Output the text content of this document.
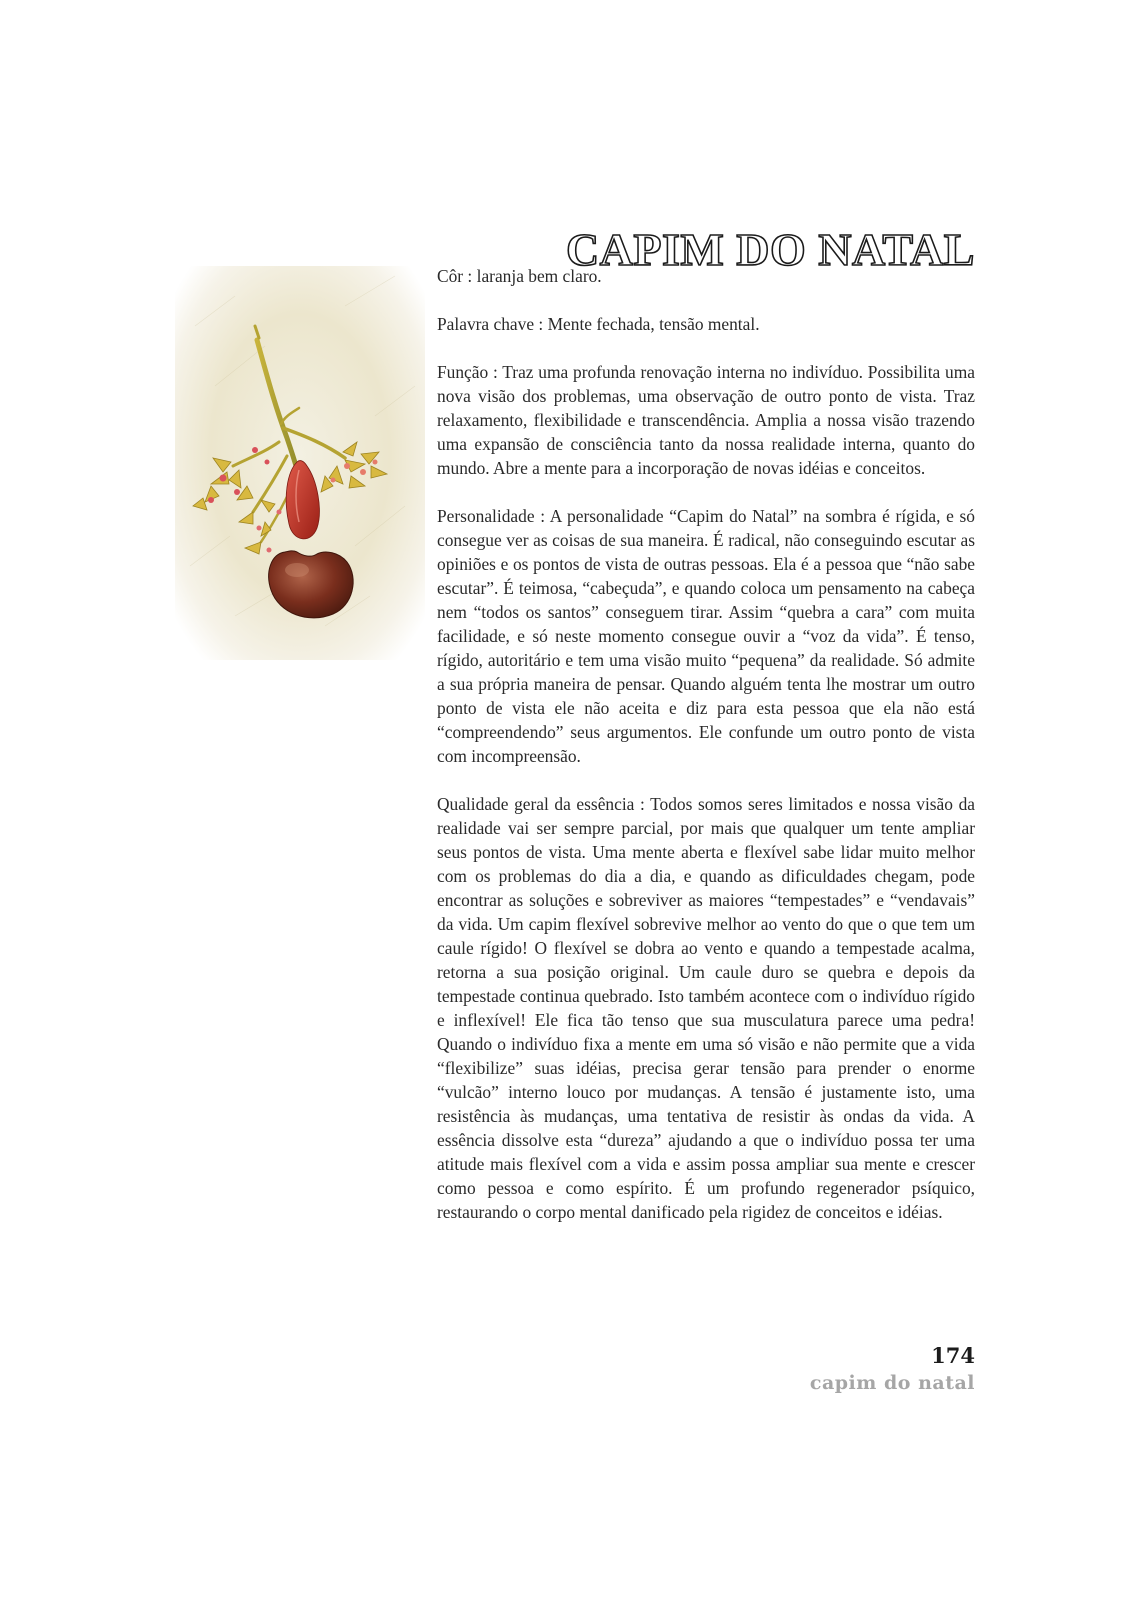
CAPIM DO NATAL

Côr : laranja bem claro.

Palavra chave : Mente fechada, tensão mental.

Função : Traz uma profunda renovação interna no indivíduo. Possibilita uma nova visão dos problemas, uma observação de outro ponto de vista. Traz relaxamento, flexibilidade e transcendência. Amplia a nossa visão trazendo uma expansão de consciência tanto da nossa realidade interna, quanto do mundo. Abre a mente para a incorporação de novas idéias e conceitos.

Personalidade : A personalidade “Capim do Natal” na sombra é rígida, e só consegue ver as coisas de sua maneira. É radical, não conseguindo escutar as opiniões e os pontos de vista de outras pessoas. Ela é a pessoa que “não sabe escutar”. É teimosa, “cabeçuda”, e quando coloca um pensamento na cabeça nem “todos os santos” conseguem tirar. Assim “quebra a cara” com muita facilidade, e só neste momento consegue ouvir a “voz da vida”. É tenso, rígido, autoritário e tem uma visão muito “pequena” da realidade. Só admite a sua própria maneira de pensar. Quando alguém tenta lhe mostrar um outro ponto de vista ele não aceita e diz para esta pessoa que ela não está “compreendendo” seus argumentos. Ele confunde um outro ponto de vista com incompreensão.

Qualidade geral da essência : Todos somos seres limitados e nossa visão da realidade vai ser sempre parcial, por mais que qualquer um tente ampliar seus pontos de vista. Uma mente aberta e flexível sabe lidar muito melhor com os problemas do dia a dia, e quando as dificuldades chegam, pode encontrar as soluções e sobreviver as maiores “tempestades” e “vendavais” da vida. Um capim flexível sobrevive melhor ao vento do que o que tem um caule rígido! O flexível se dobra ao vento e quando a tempestade acalma, retorna a sua posição original. Um caule duro se quebra e depois da tempestade continua quebrado. Isto também acontece com o indivíduo rígido e inflexível! Ele fica tão tenso que sua musculatura parece uma pedra! Quando o indivíduo fixa a mente em uma só visão e não permite que a vida “flexibilize” suas idéias, precisa gerar tensão para prender o enorme “vulcão” interno louco por mudanças. A tensão é justamente isto, uma resistência às mudanças, uma tentativa de resistir às ondas da vida. A essência dissolve esta “dureza” ajudando a que o indivíduo possa ter uma atitude mais flexível com a vida e assim possa ampliar sua mente e crescer como pessoa e como espírito. É um profundo regenerador psíquico, restaurando o corpo mental danificado pela rigidez de conceitos e idéias.

174
capim do natal
